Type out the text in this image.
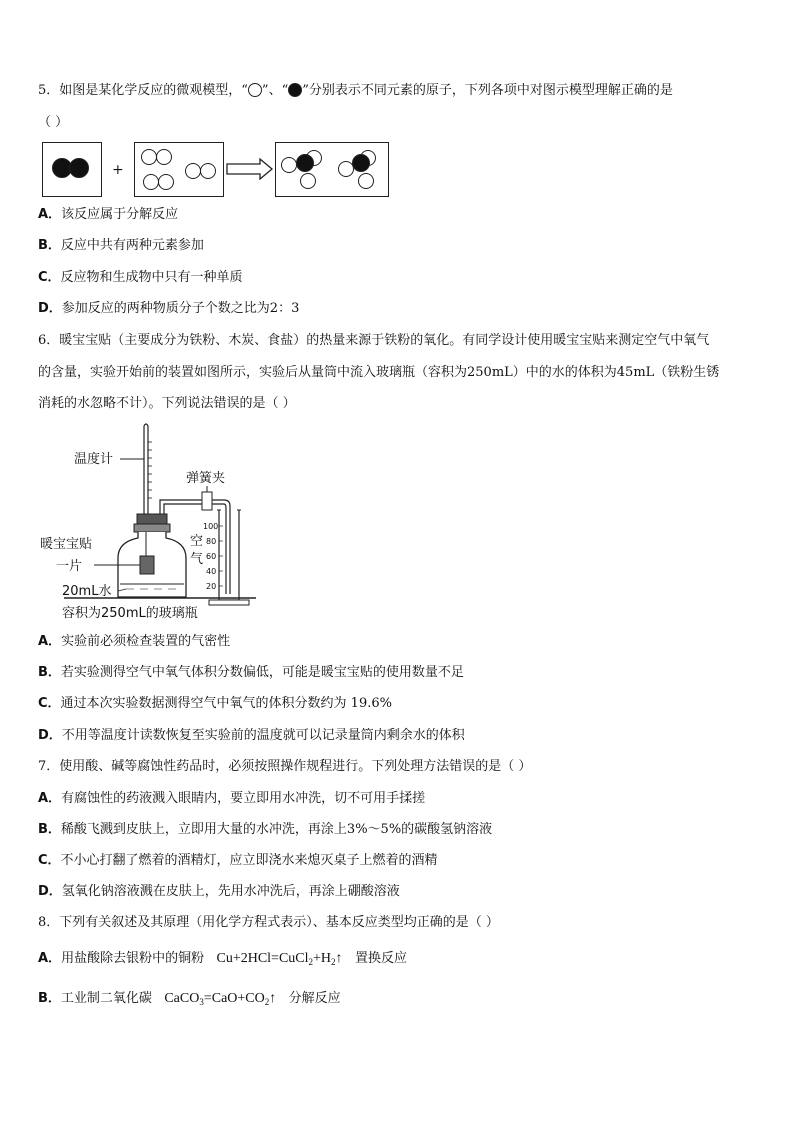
5．如图是某化学反应的微观模型，“ ”、“ ”分别表示不同元素的原子，下列各项中对图示模型理解正确的是
（ ）
+
A．该反应属于分解反应
B．反应中共有两种元素参加
C．反应物和生成物中只有一种单质
D．参加反应的两种物质分子个数之比为2：3
6．暖宝宝贴（主要成分为铁粉、木炭、食盐）的热量来源于铁粉的氧化。有同学设计使用暖宝宝贴来测定空气中氧气
的含量，实验开始前的装置如图所示，实验后从量筒中流入玻璃瓶（容积为250mL）中的水的体积为45mL（铁粉生锈
消耗的水忽略不计）。下列说法错误的是（ ）
温度计
弹簧夹
100
80
60
40
20
暖宝宝贴
一片
空
气
20mL水
容积为250mL的玻璃瓶
A．实验前必须检查装置的气密性
B．若实验测得空气中氧气体积分数偏低，可能是暖宝宝贴的使用数量不足
C．通过本次实验数据测得空气中氧气的体积分数约为 19.6%
D．不用等温度计读数恢复至实验前的温度就可以记录量筒内剩余水的体积
7．使用酸、碱等腐蚀性药品时，必须按照操作规程进行。下列处理方法错误的是（ ）
A．有腐蚀性的药液溅入眼睛内，要立即用水冲洗，切不可用手揉搓
B．稀酸飞溅到皮肤上，立即用大量的水冲洗，再涂上3%～5%的碳酸氢钠溶液
C．不小心打翻了燃着的酒精灯，应立即浇水来熄灭桌子上燃着的酒精
D．氢氧化钠溶液溅在皮肤上，先用水冲洗后，再涂上硼酸溶液
8．下列有关叙述及其原理（用化学方程式表示）、基本反应类型均正确的是（ ）
A．用盐酸除去银粉中的铜粉 $Cu+2HCl=CuCl_2+H_2↑$ 置换反应
B．工业制二氧化碳 $CaCO_3=CaO+CO_2↑$ 分解反应
